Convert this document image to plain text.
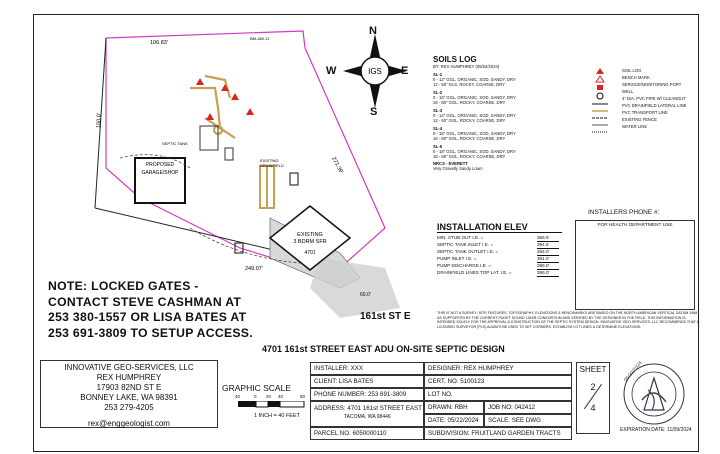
PROPOSED
GARAGE/SHOP
EXISTING
3 BDRM SFR
4701
106.83'
150.0'
271.39'
249.07'
60.0'
BM-480.11'
SEPTIC TANK
EXISTING
DRAINFIELD
IGS
N
S
E
W
SOILS LOG
BY: REX HUMPHREY (05/02/2024)
SL-1
0 - 12" GGL, ORGANIC, SOD, SANDY, DRY
12 - 60" GLS, ROCKY, COARSE, DRY
SL-2
0 - 16" GGL, ORGANIC, SOD, SANDY, DRY
16 - 60" GGL, ROCKY, COARSE, DRY
SL-3
0 - 12" GGL, ORGANIC, SOD, SANDY, DRY
12 - 60" GGL, ROCKY, COARSE, DRY
SL-4
0 - 16" GGL, ORGANIC, SOD, SANDY, DRY
16 - 60" GGL, ROCKY, COARSE, DRY
SL-5
0 - 18" GGL, ORGANIC, SOD, SANDY, DRY
18 - 60" GGL, ROCKY, COARSE, DRY
NRCS - EVERETT
Very Gravelly Sandy Loam
SOIL LOG
BENCH MARK
SERVICE/MONITORING PORT
WELL
4" DIA. PVC PIPE W/ CLEANOUT
PVC DRAINFIELD LATERAL LINE
PVC TRANSPORT LINE
EXISTING FENCE
WATER LINE
INSTALLERS PHONE #:
FOR HEALTH DEPARTMENT USE
INSTALLATION ELEV
MIN. STUB OUT I.E. =	386.5'
SEPTIC TANK INLET I.E. =	384.5'
SEPTIC TANK OUTLET I.E. =	384.0'
PUMP INLET I.E. =	381.0'
PUMP DISCHARGE I.E. =	386.0'
DRAINFIELD LINES TOP LAT. I.E. =	386.0'
NOTE: LOCKED GATES -
CONTACT STEVE CASHMAN AT
253 380-1557 OR LISA BATES AT
253 691-3809 TO SETUP ACCESS.
161st ST E	THIS IS NOT A SURVEY: SITE FEATURES, TOPOGRAPHY, ELEVATIONS & BENCHMARKS ARE BASED ON THE NORTH AMERICAN VERTICAL DATUM 1988 AS SUPPORTED BY THE CURRENT PUGET SOUND LIDAR CONSORTIUM AND VERIFIED BY THE DESIGNER IN THE FIELD. THIS INFORMATION IS INTENDED SOLELY FOR THE APPROVAL & CONSTRUCTION OF THE SEPTIC SYSTEM DESIGN. INNOVATIVE GEO-SERVICES, LLC RECOMMENDS THAT A LICENSED SURVEYOR (PLS) ALWAYS BE USED TO SET CORNERS, ESTABLISH LOT LINES & DETERMINE ELEVATIONS.
4701 161st STREET EAST ADU ON-SITE SEPTIC DESIGN
INNOVATIVE GEO-SERVICES, LLC
REX HUMPHREY
17903 82ND ST E
BONNEY LAKE, WA 98391
253 279-4205
rex@enggeologist.com
GRAPHIC SCALE
40	0 20 40	80
1 INCH = 40 FEET
INSTALLER: XXX	DESIGNER: REX HUMPHREY
CLIENT: LISA BATES	CERT. NO. 5100123
PHONE NUMBER: 253 691-3809	LOT NO.
ADDRESS: 4701 161st STREET EAST
TACOMA, WA 98446
DRAWN: RBH	JOB NO: 042412
DATE: 05/22/2024	SCALE: SEE DWG
PARCEL NO. 6050000110	SUBDIVISION: FRUITLAND GARDEN TRACTS
SHEET
2
4
05/22/2024
EXPIRATION DATE: 11/09/2024
